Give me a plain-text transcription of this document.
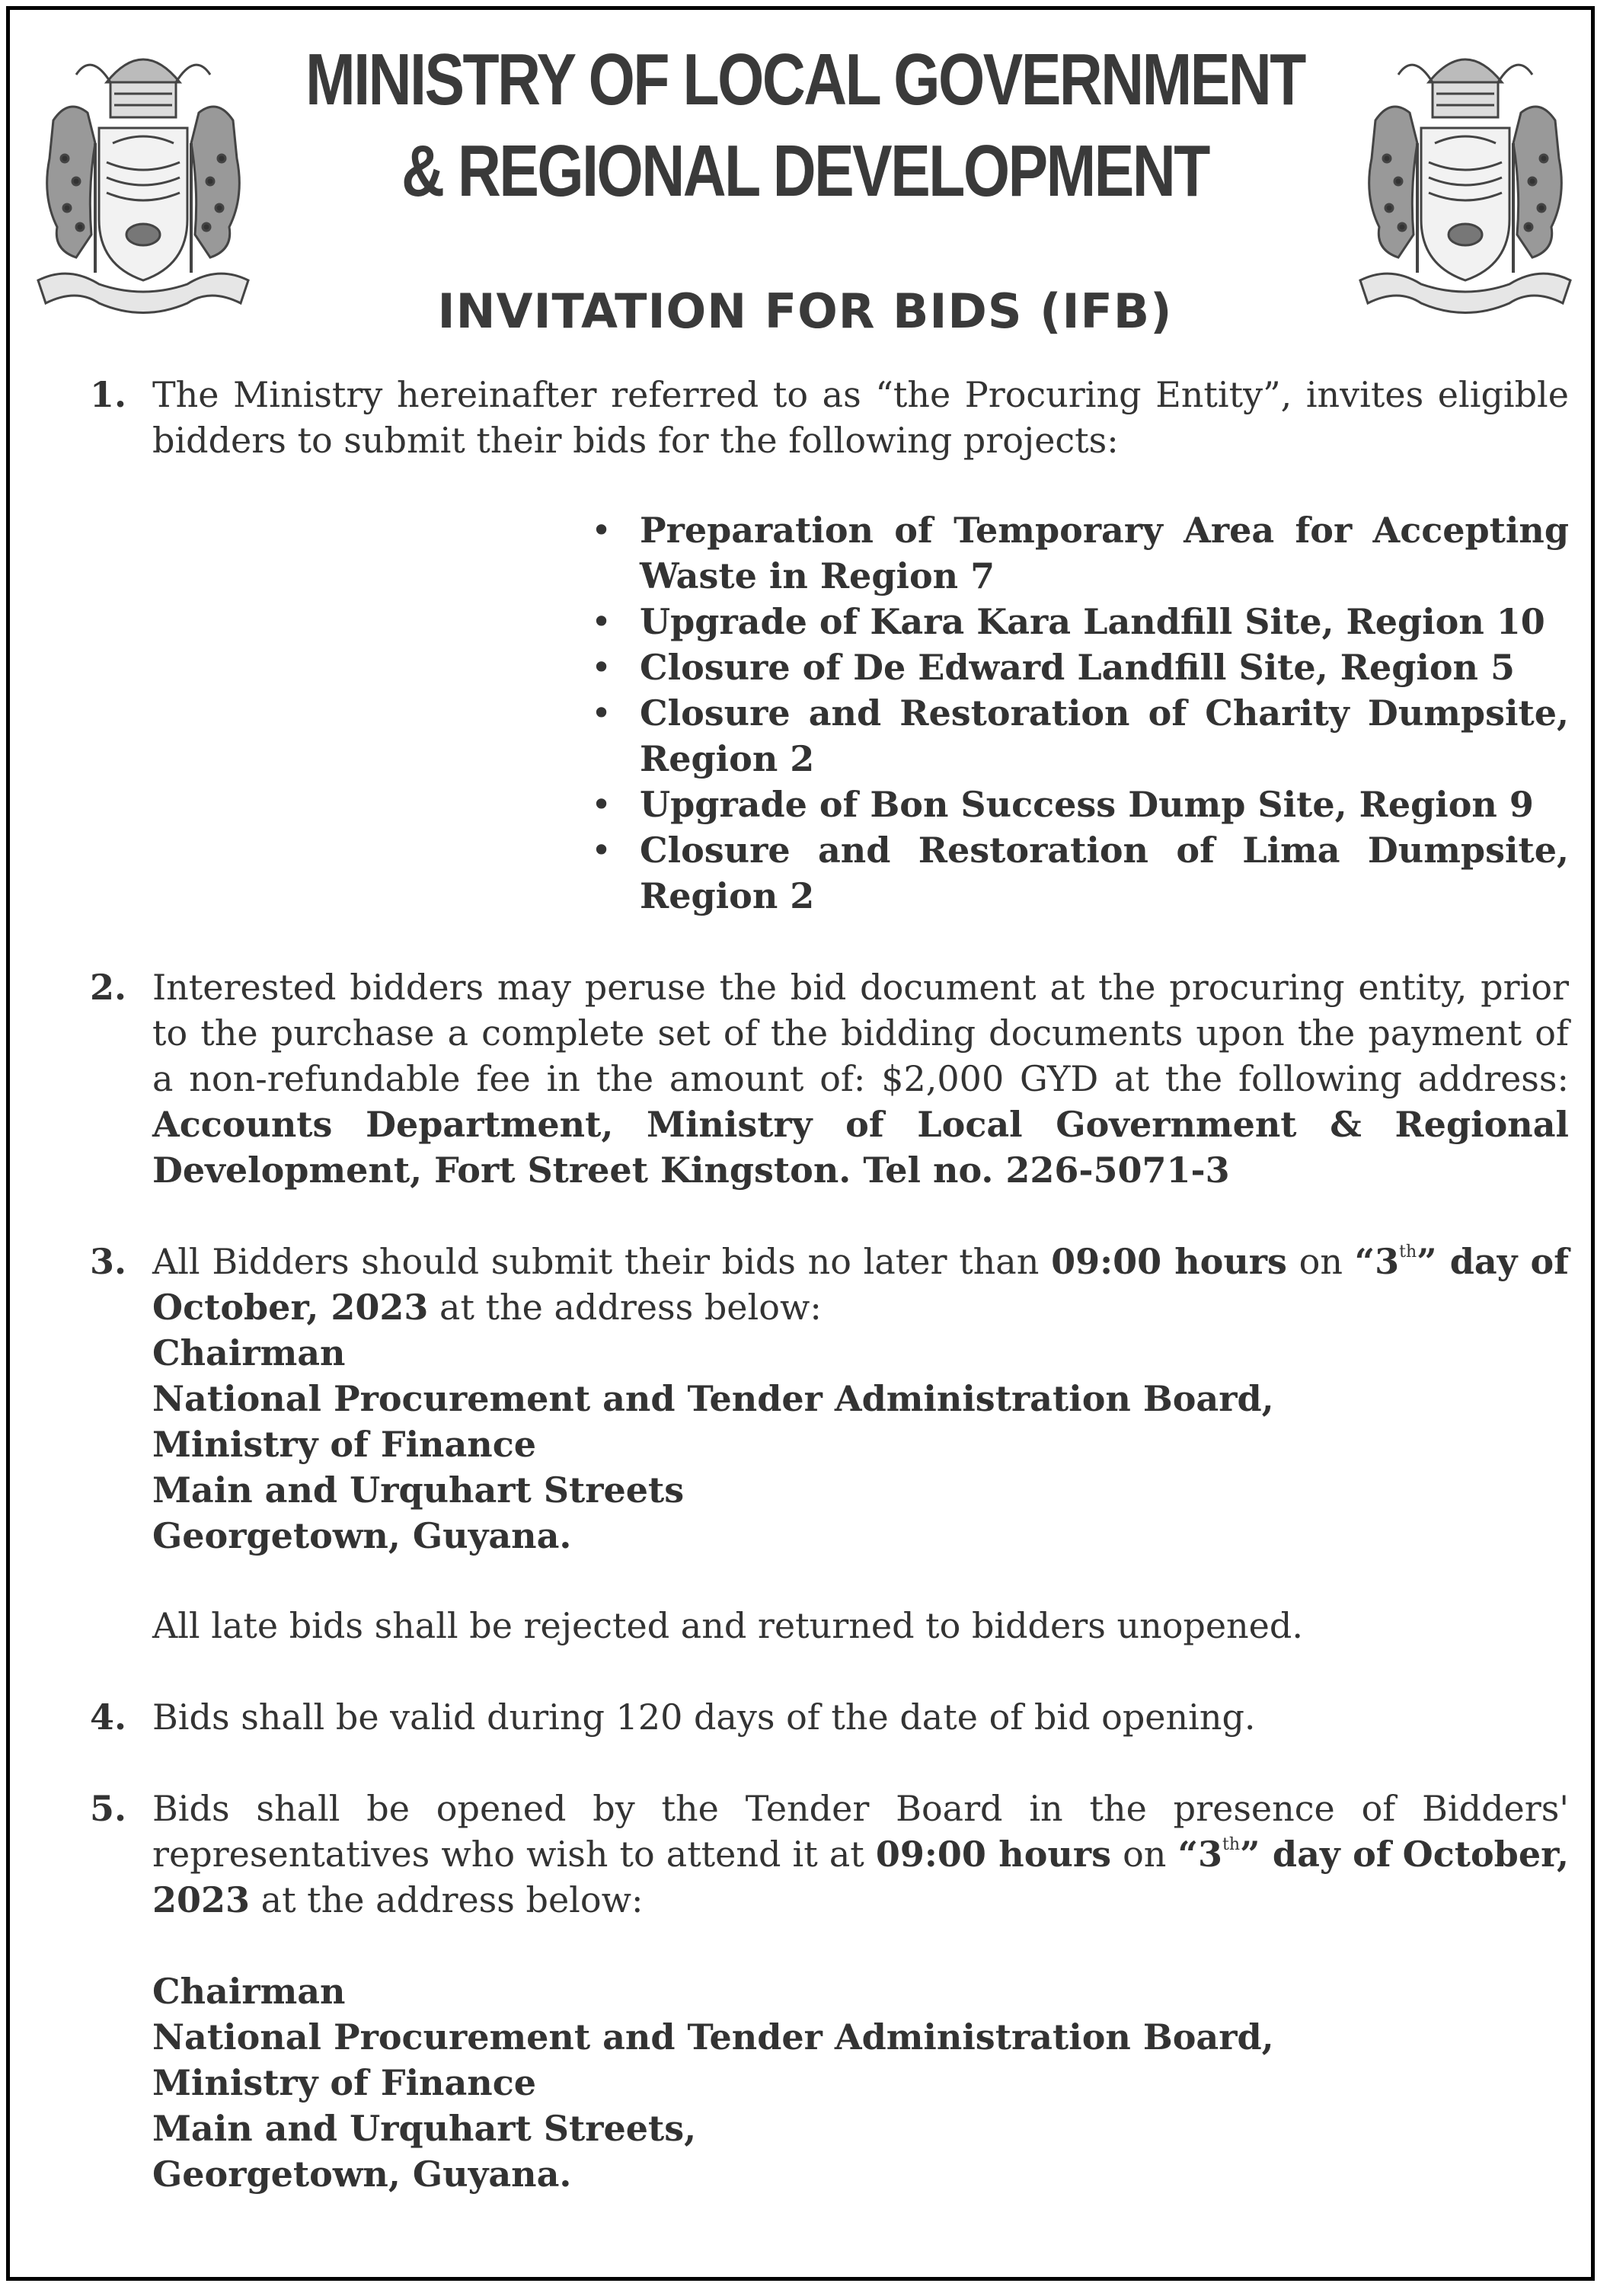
MINISTRY OF LOCAL GOVERNMENT
& REGIONAL DEVELOPMENT
INVITATION FOR BIDS (IFB)
1. The Ministry hereinafter referred to as “the Procuring Entity”, invites eligible bidders to submit their bids for the following projects:
• Preparation of Temporary Area for Accepting Waste in Region 7
• Upgrade of Kara Kara Landfill Site, Region 10
• Closure of De Edward Landfill Site, Region 5
• Closure and Restoration of Charity Dumpsite, Region 2
• Upgrade of Bon Success Dump Site, Region 9
• Closure and Restoration of Lima Dumpsite, Region 2
2. Interested bidders may peruse the bid document at the procuring entity, prior to the purchase a complete set of the bidding documents upon the payment of a non-refundable fee in the amount of: $2,000 GYD at the following address: Accounts Department, Ministry of Local Government & Regional Development, Fort Street Kingston. Tel no. 226-5071-3
3. All Bidders should submit their bids no later than 09:00 hours on “3th” day of October, 2023 at the address below:
Chairman
National Procurement and Tender Administration Board,
Ministry of Finance
Main and Urquhart Streets
Georgetown, Guyana.
All late bids shall be rejected and returned to bidders unopened.
4. Bids shall be valid during 120 days of the date of bid opening.
5. Bids shall be opened by the Tender Board in the presence of Bidders' representatives who wish to attend it at 09:00 hours on “3th” day of October, 2023 at the address below:
Chairman
National Procurement and Tender Administration Board,
Ministry of Finance
Main and Urquhart Streets,
Georgetown, Guyana.
